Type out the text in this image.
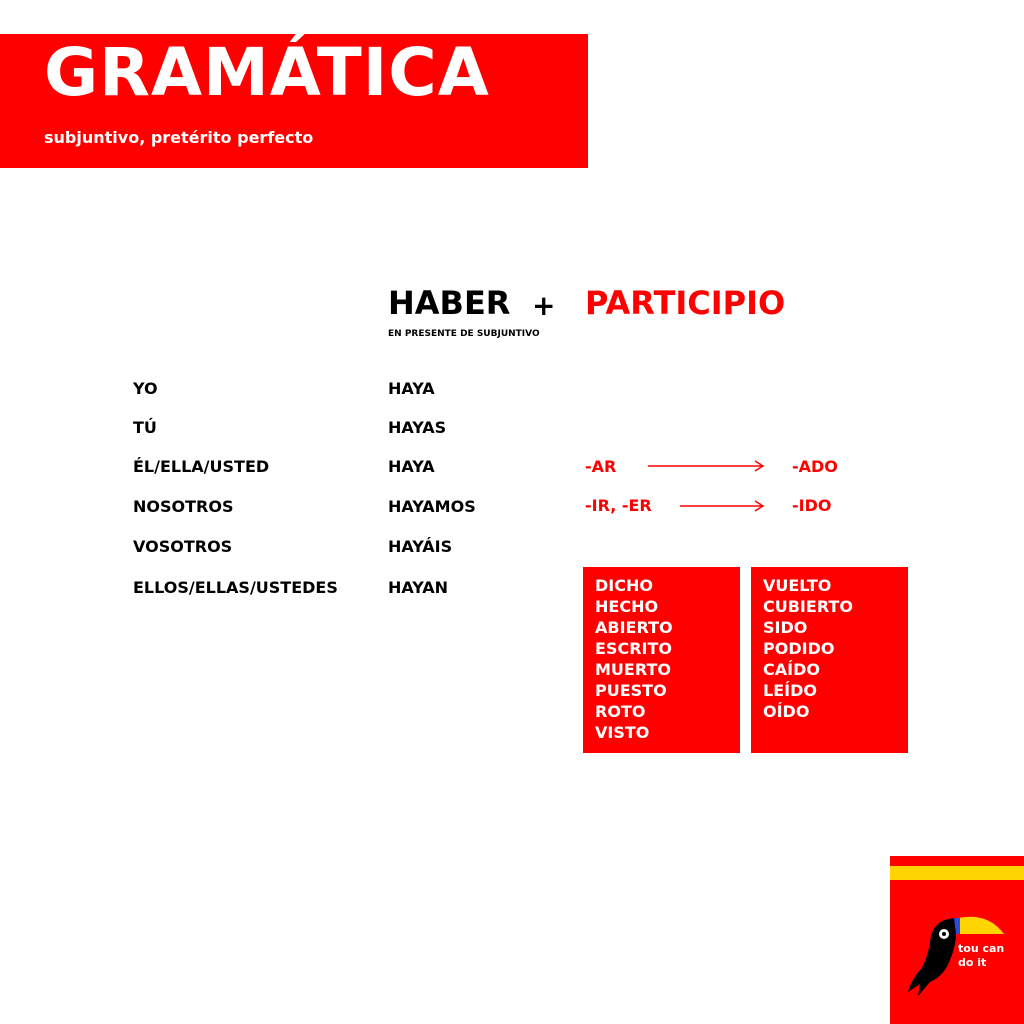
GRAMÁTICA
subjuntivo, pretérito perfecto
HABER + PARTICIPIO
EN PRESENTE DE SUBJUNTIVO
YO	HAYA
TÚ	HAYAS
ÉL/ELLA/USTED	HAYA
NOSOTROS	HAYAMOS
VOSOTROS	HAYÁIS
ELLOS/ELLAS/USTEDES	HAYAN
-AR	-ADO
-IR, -ER	-IDO
DICHO
HECHO
ABIERTO
ESCRITO
MUERTO
PUESTO
ROTO
VISTO
VUELTO
CUBIERTO
SIDO
PODIDO
CAÍDO
LEÍDO
OÍDO
tou can
do it
